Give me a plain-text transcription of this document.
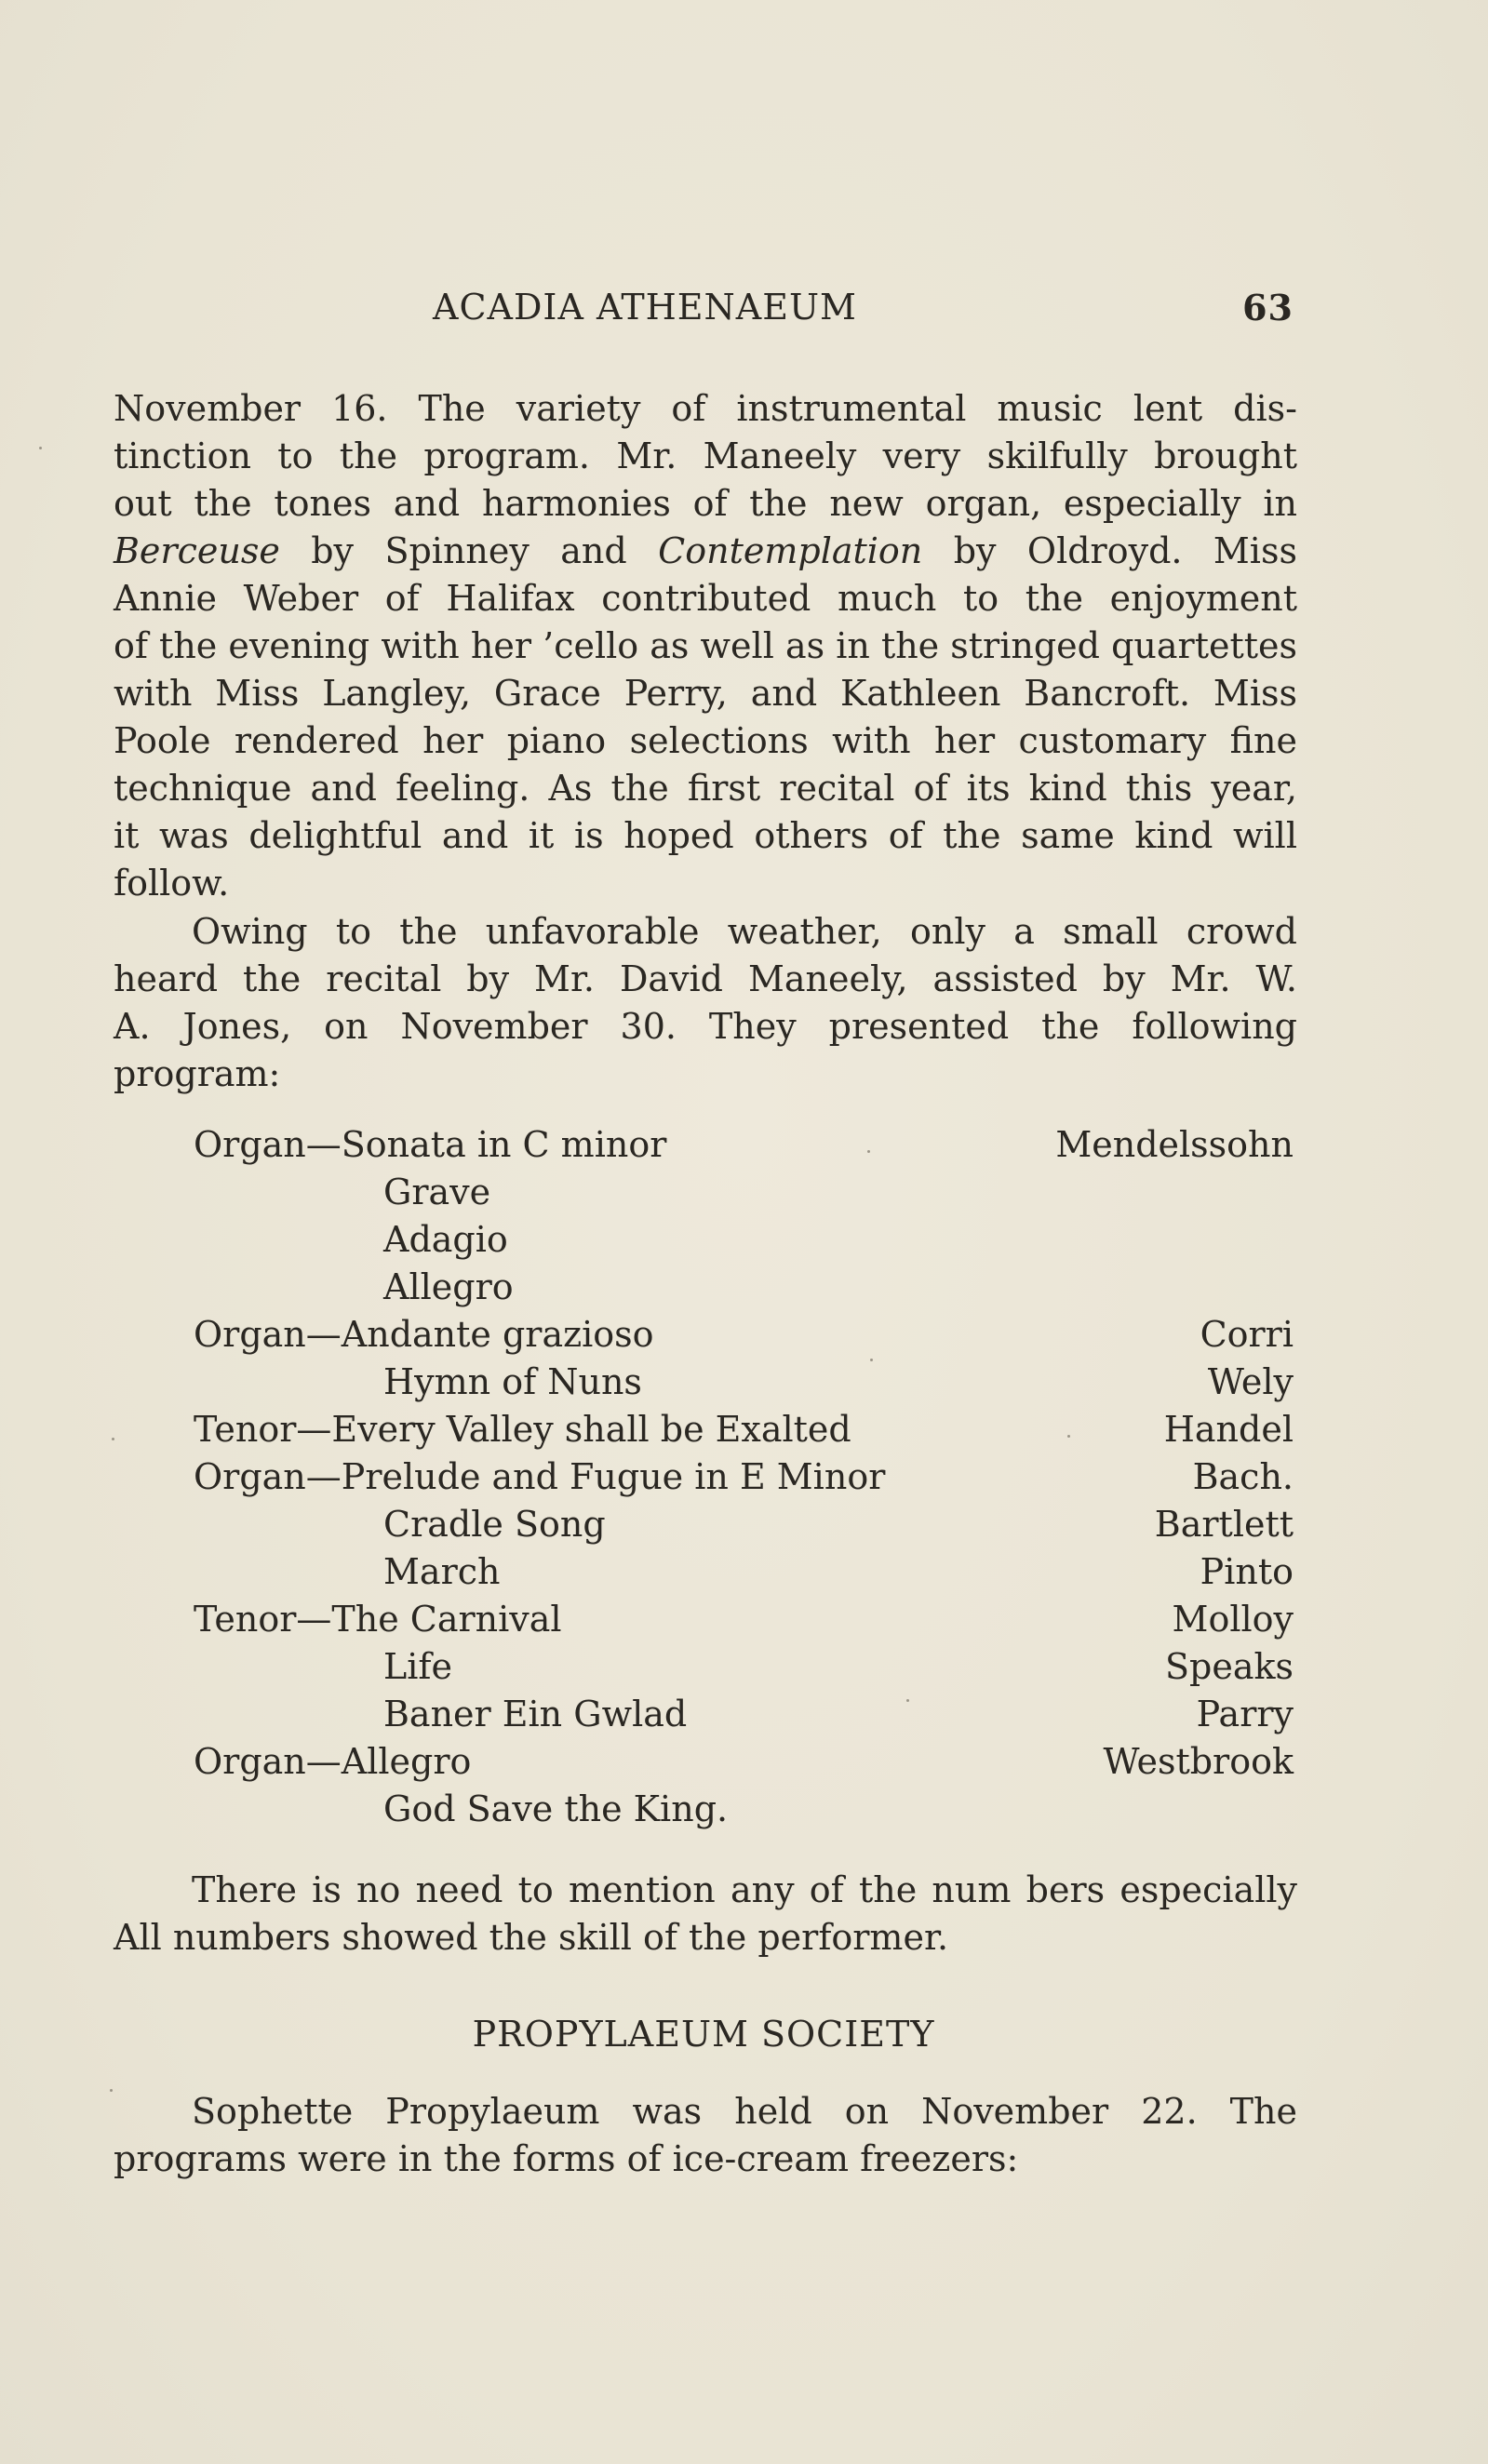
ACADIA ATHENAEUM	63
November 16. The variety of instrumental music lent dis-
tinction to the program. Mr. Maneely very skilfully brought
out the tones and harmonies of the new organ, especially in
Berceuse by Spinney and Contemplation by Oldroyd. Miss
Annie Weber of Halifax contributed much to the enjoyment
of the evening with her ’cello as well as in the stringed quartettes
with Miss Langley, Grace Perry, and Kathleen Bancroft. Miss
Poole rendered her piano selections with her customary fine
technique and feeling. As the first recital of its kind this year,
it was delightful and it is hoped others of the same kind will
follow.
Owing to the unfavorable weather, only a small crowd
heard the recital by Mr. David Maneely, assisted by Mr. W.
A. Jones, on November 30. They presented the following
program:
Organ—Sonata in C minor	Mendelssohn
Grave
Adagio
Allegro
Organ—Andante grazioso	Corri
Hymn of Nuns	Wely
Tenor—Every Valley shall be Exalted	Handel
Organ—Prelude and Fugue in E Minor	Bach.
Cradle Song	Bartlett
March	Pinto
Tenor—The Carnival	Molloy
Life	Speaks
Baner Ein Gwlad	Parry
Organ—Allegro	Westbrook
God Save the King.
There is no need to mention any of the num bers especially
All numbers showed the skill of the performer.
PROPYLAEUM SOCIETY
Sophette Propylaeum was held on November 22. The
programs were in the forms of ice-cream freezers:
